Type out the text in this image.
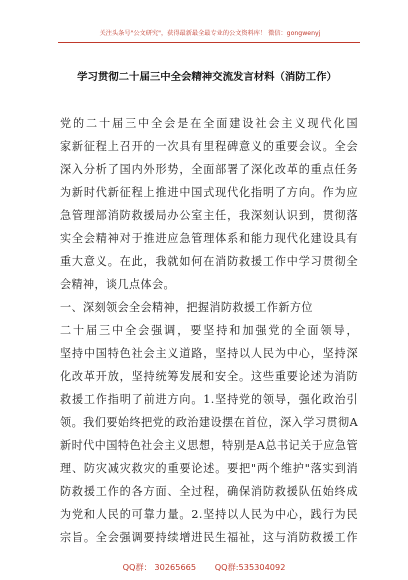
关注头条号"公文研究"，获得最新最全最专业的公文资料库！ 微信：gongwenyj
学习贯彻二十届三中全会精神交流发言材料（消防工作）
党的二十届三中全会是在全面建设社会主义现代化国
家新征程上召开的一次具有里程碑意义的重要会议。全会
深入分析了国内外形势，全面部署了深化改革的重点任务
为新时代新征程上推进中国式现代化指明了方向。作为应
急管理部消防救援局办公室主任，我深刻认识到，贯彻落
实全会精神对于推进应急管理体系和能力现代化建设具有
重大意义。在此，我就如何在消防救援工作中学习贯彻全
会精神，谈几点体会。
一、深刻领会全会精神，把握消防救援工作新方位
二十届三中全会强调，要坚持和加强党的全面领导，
坚持中国特色社会主义道路，坚持以人民为中心，坚持深
化改革开放，坚持统筹发展和安全。这些重要论述为消防
救援工作指明了前进方向。1.坚持党的领导，强化政治引
领。我们要始终把党的政治建设摆在首位，深入学习贯彻A
新时代中国特色社会主义思想，特别是A总书记关于应急管
理、防灾减灾救灾的重要论述。要把"两个维护"落实到消
防救援工作的各方面、全过程，确保消防救援队伍始终成
为党和人民的可靠力量。2.坚持以人民为中心，践行为民
宗旨。全会强调要持续增进民生福祉，这与消防救援工作
QQ群： 30265665 QQ群:535304092
